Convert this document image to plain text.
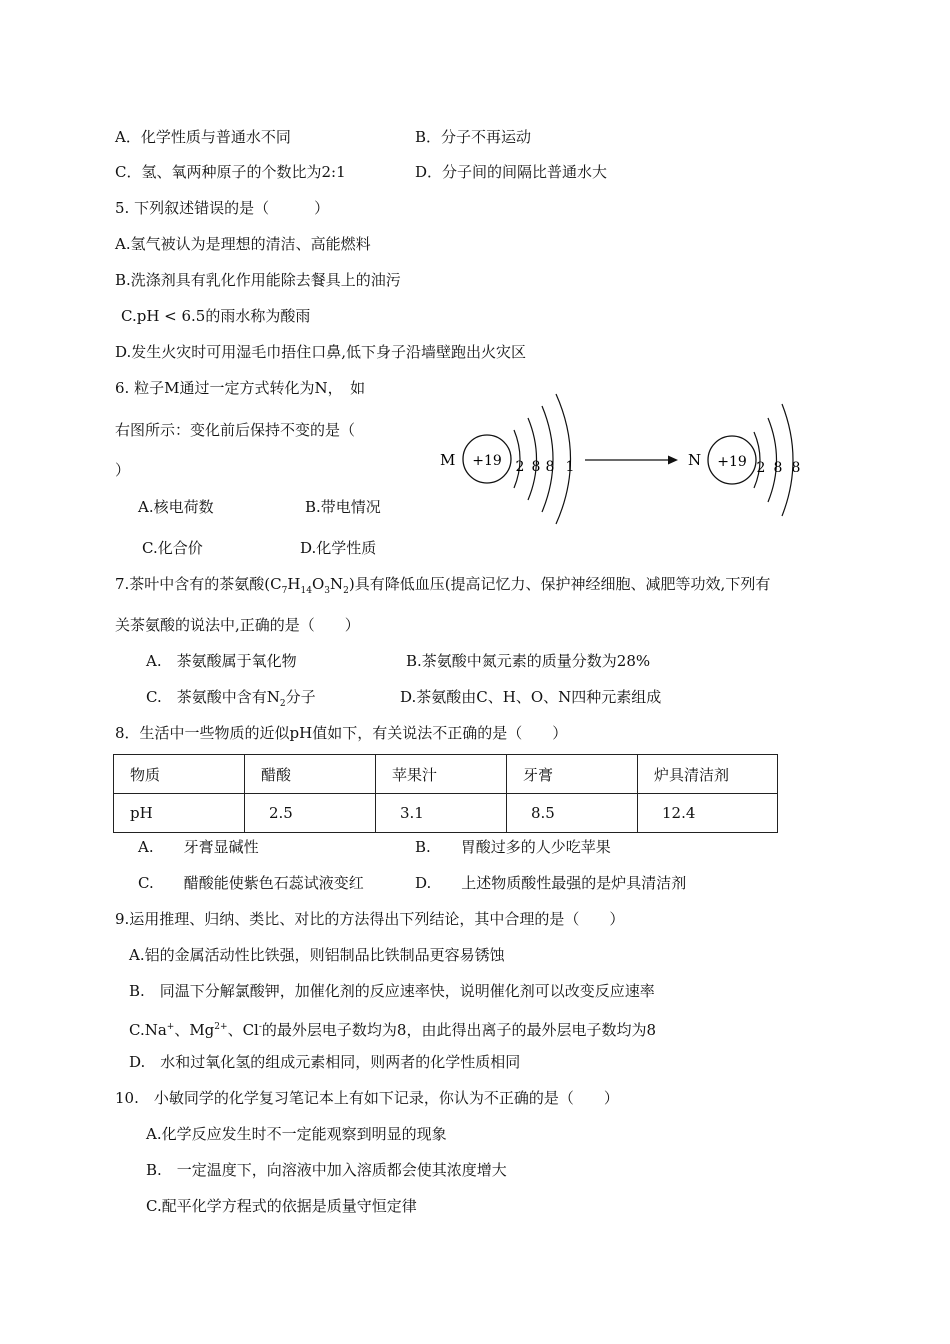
A．化学性质与普通水不同	B．分子不再运动
C．氢、氧两种原子的个数比为2:1	D．分子间的间隔比普通水大
5. 下列叙述错误的是（　　　）
A.氢气被认为是理想的清洁、高能燃料
B.洗涤剂具有乳化作用能除去餐具上的油污
C.pH < 6.5的雨水称为酸雨
D.发生火灾时可用湿毛巾捂住口鼻,低下身子沿墙壁跑出火灾区
6. 粒子M通过一定方式转化为N，　如
右图所示：变化前后保持不变的是（
）
A.核电荷数	B.带电情况
C.化合价	D.化学性质
M +19 2 8 8 1	N +19 2 8 8
7.茶叶中含有的茶氨酸$(C_7H_{14}O_3N_2)$具有降低血压(提高记忆力、保护神经细胞、减肥等功效,下列有
关茶氨酸的说法中,正确的是（　　）
A.　茶氨酸属于氧化物	B.茶氨酸中氮元素的质量分数为28%
C.　茶氨酸中含有$N_2$分子	D.茶氨酸由C、H、O、N四种元素组成
8．生活中一些物质的近似pH值如下，有关说法不正确的是（　　）
物质	醋酸	苹果汁	牙膏	炉具清洁剂
pH	2.5	3.1	8.5	12.4
A.　　牙膏显碱性	B.　　胃酸过多的人少吃苹果
C.　　醋酸能使紫色石蕊试液变红	D.　　上述物质酸性最强的是炉具清洁剂
9.运用推理、归纳、类比、对比的方法得出下列结论，其中合理的是（　　）
A.铝的金属活动性比铁强，则铝制品比铁制品更容易锈蚀
B.　同温下分解氯酸钾，加催化剂的反应速率快，说明催化剂可以改变反应速率
C.Na+、$Mg^{2+}$、Cl-的最外层电子数均为8，由此得出离子的最外层电子数均为8
D.　水和过氧化氢的组成元素相同，则两者的化学性质相同
10.　小敏同学的化学复习笔记本上有如下记录，你认为不正确的是（　　）
A.化学反应发生时不一定能观察到明显的现象
B.　一定温度下，向溶液中加入溶质都会使其浓度增大
C.配平化学方程式的依据是质量守恒定律
